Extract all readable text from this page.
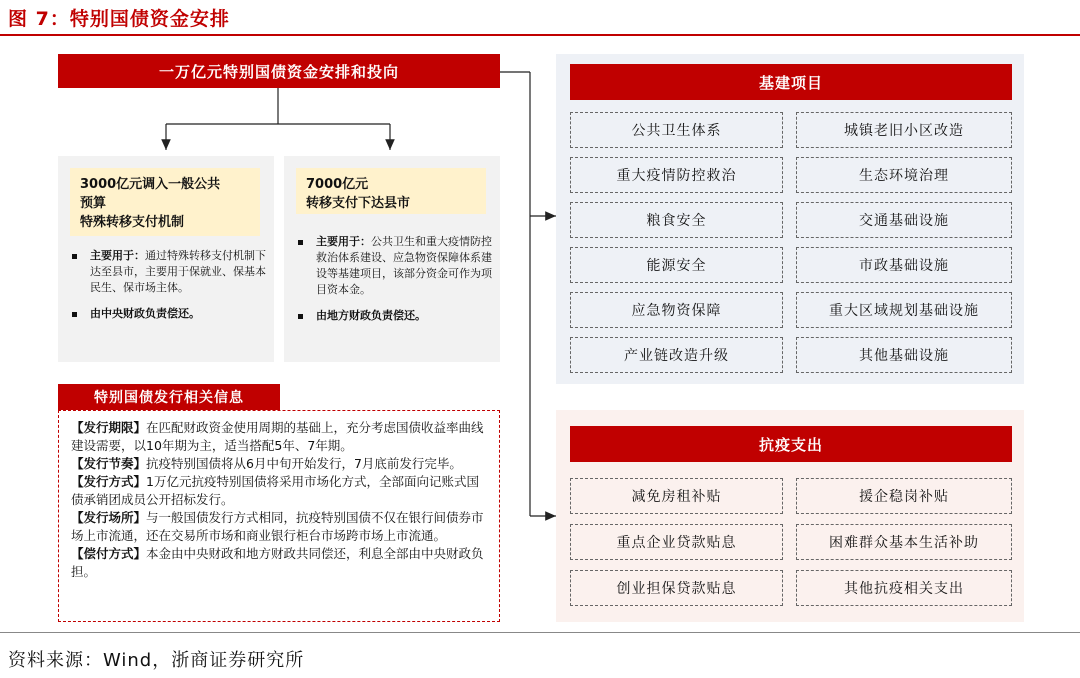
图 7：特别国债资金安排
一万亿元特别国债资金安排和投向
3000亿元调入一般公共
预算
特殊转移支付机制
主要用于：通过特殊转移支付机制下达至县市，主要用于保就业、保基本民生、保市场主体。
由中央财政负责偿还。
7000亿元
转移支付下达县市
主要用于：公共卫生和重大疫情防控救治体系建设、应急物资保障体系建设等基建项目，该部分资金可作为项目资本金。
由地方财政负责偿还。
特别国债发行相关信息

【发行期限】在匹配财政资金使用周期的基础上，充分考虑国债收益率曲线建设需要，以10年期为主，适当搭配5年、7年期。

【发行节奏】抗疫特别国债将从6月中旬开始发行，7月底前发行完毕。

【发行方式】1万亿元抗疫特别国债将采用市场化方式，全部面向记账式国债承销团成员公开招标发行。

【发行场所】与一般国债发行方式相同，抗疫特别国债不仅在银行间债券市场上市流通，还在交易所市场和商业银行柜台市场跨市场上市流通。

【偿付方式】本金由中央财政和地方财政共同偿还，利息全部由中央财政负担。

基建项目
公共卫生体系	城镇老旧小区改造
重大疫情防控救治	生态环境治理
粮食安全	交通基础设施
能源安全	市政基础设施
应急物资保障	重大区域规划基础设施
产业链改造升级	其他基础设施
抗疫支出
减免房租补贴	援企稳岗补贴
重点企业贷款贴息	困难群众基本生活补助
创业担保贷款贴息	其他抗疫相关支出
资料来源：Wind，浙商证券研究所
